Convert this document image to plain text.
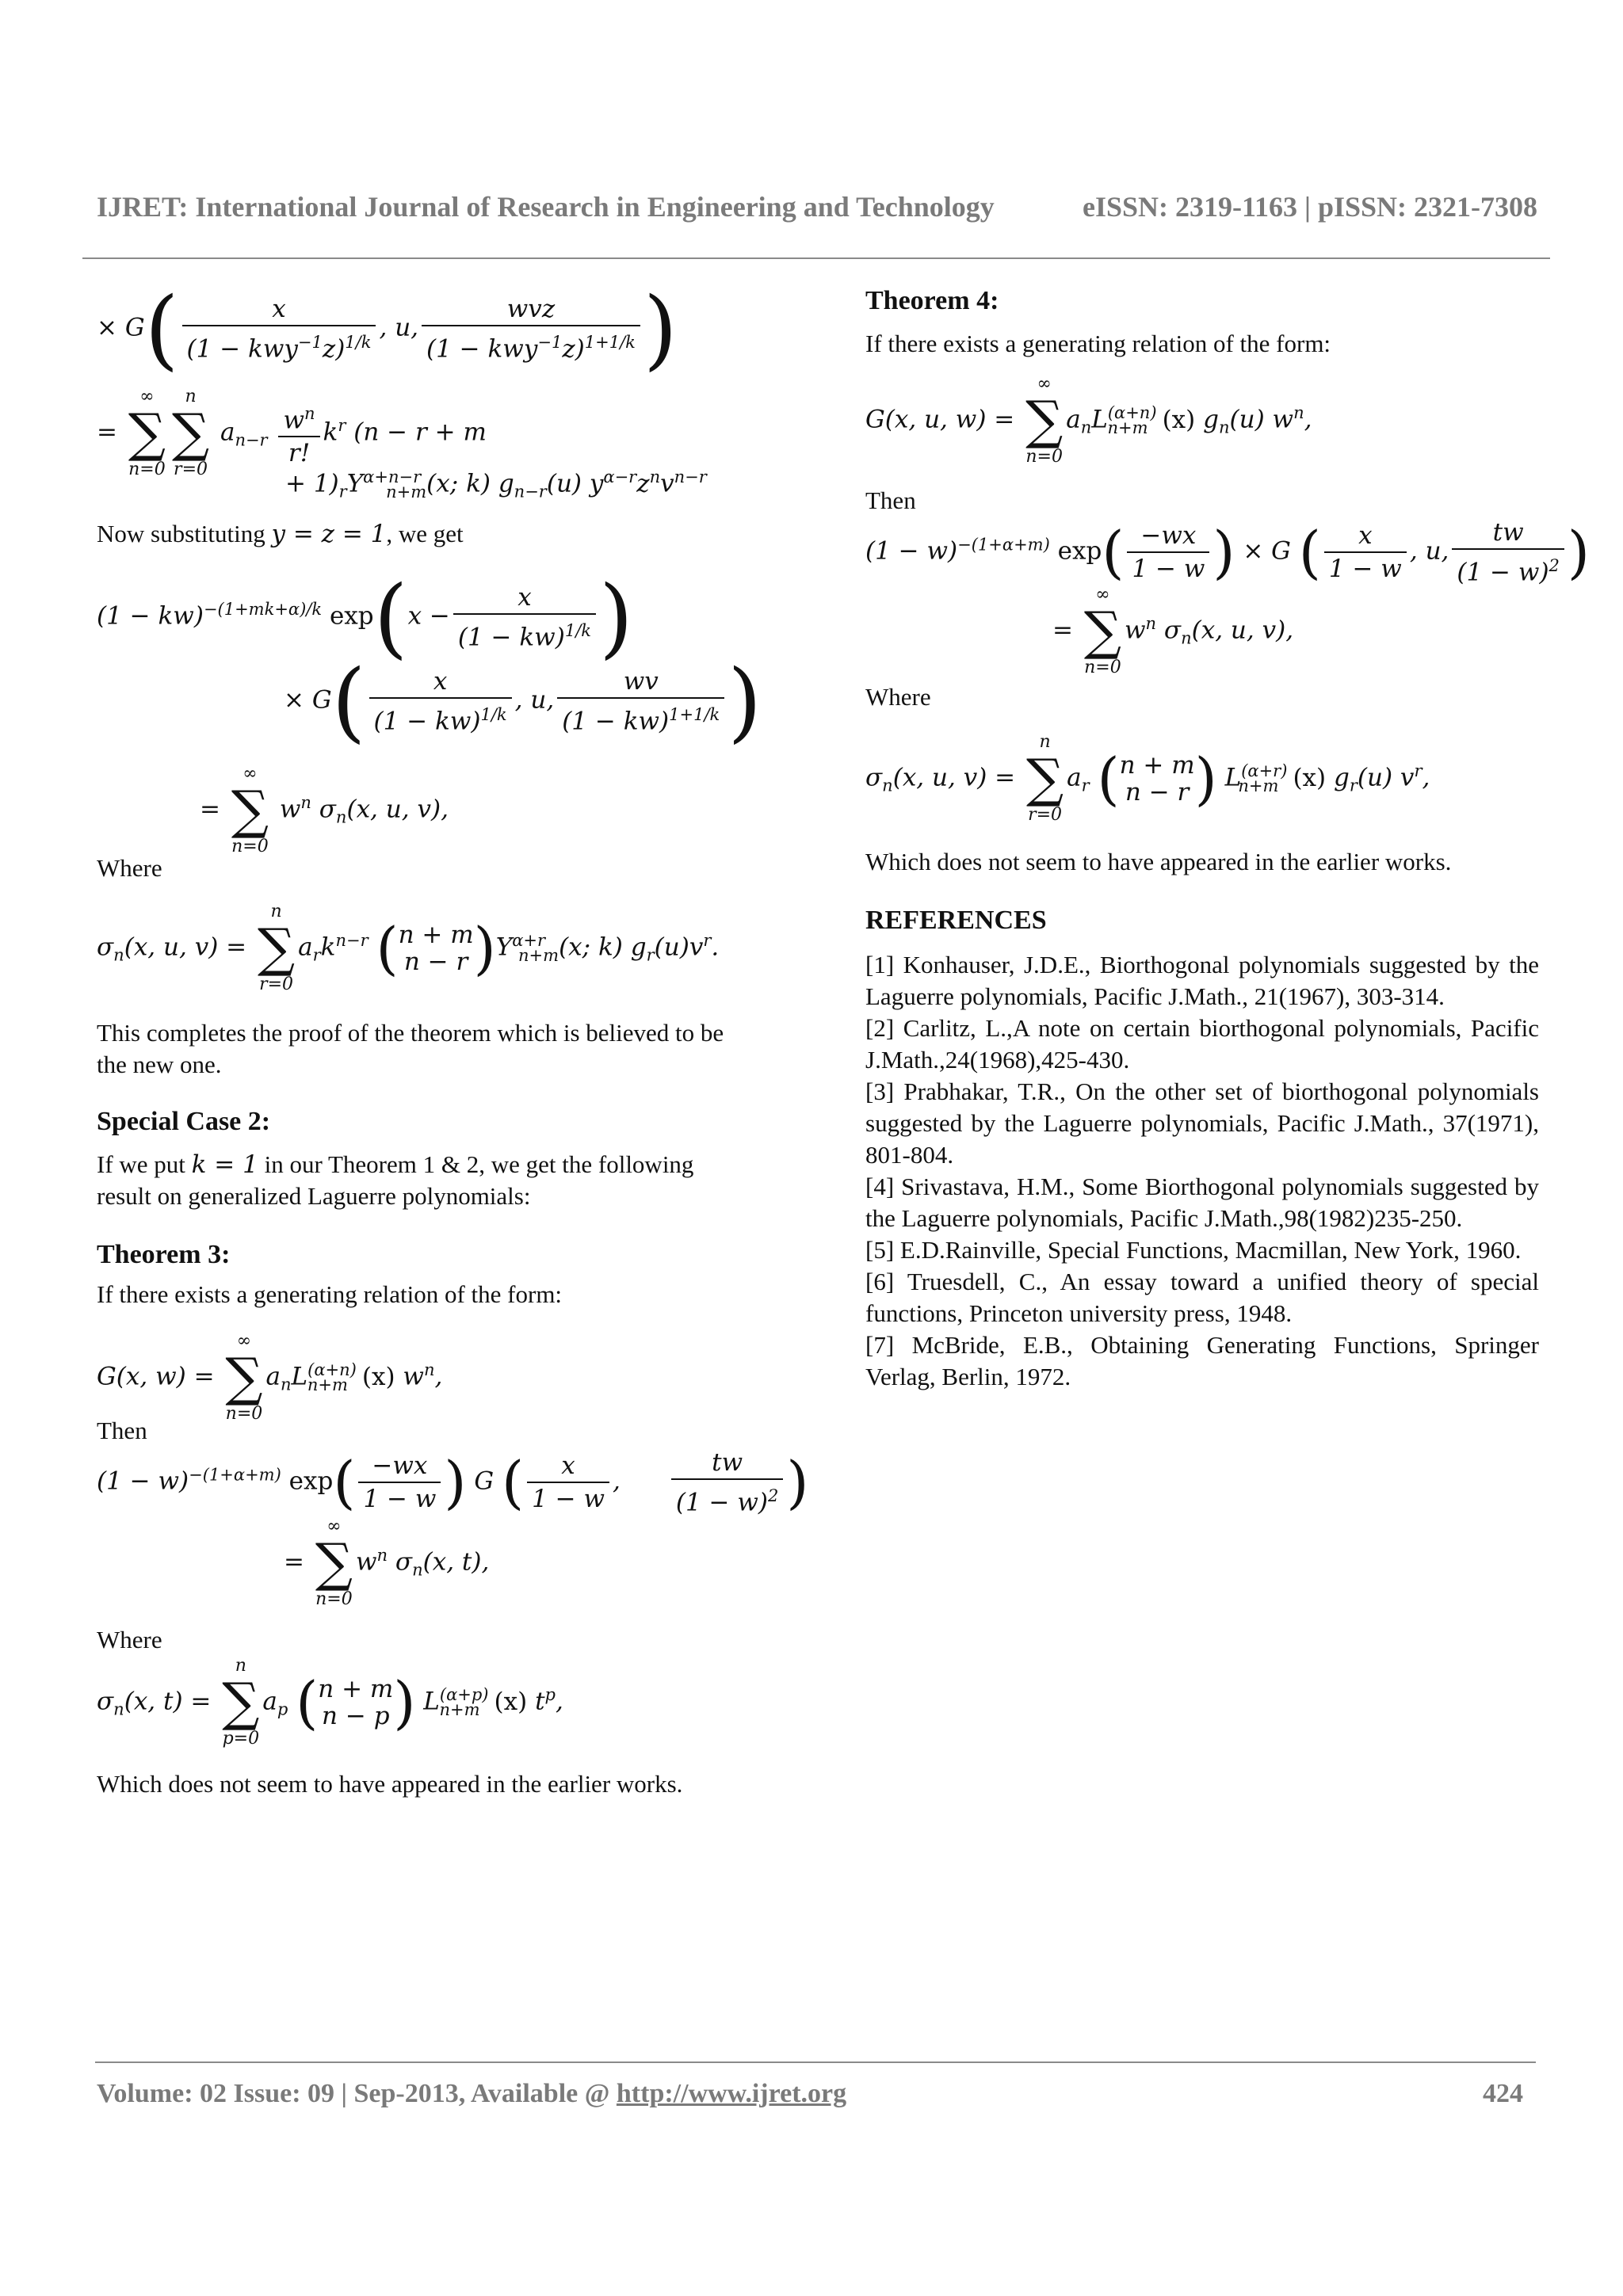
IJRET: International Journal of Research in Engineering and Technology	eISSN: 2319-1163 | pISSN: 2321-7308
× $G( \frac{x}{(1 - kwy^{-1}z)^{1/k}}$ , u, $\frac{\text{wvz}}{(1 - kwy^{-1}z)^{1+1/k}}$ )
=
∞
∑
n=0
n
∑
r=0
$a_{n-r} \frac{w^n}{r!} k^r$ (n − r + m
+ $1)_rY^{\alpha+n-r}_{n+m}(x$; k) $g_{n-r}(u)$ $y^{\alpha-r}z^nv^{n-r}$

Now substituting y = z = 1, we get

(1 − kw)$^{-(1+mk+\alpha)/k}$ $\exp(x - \frac{x}{(1 - kw)^{1/k}}$ )
× $G( \frac{x}{(1 - kw)^{1/k}}$ , u, $\frac{wv}{(1 - kw)^{1+1/k}}$ )
=
∞
∑
n=0
$w^n$ $\sigma_n(x$, u, v),

Where

$\sigma_n(x$, u, v) =
n
∑
r=0
$a_rk^{n-r}$ (n + m
n − r )$Y^{\alpha+r}_{n+m}(x$; k) $g_r(u)v^r$.

This completes the proof of the theorem which is believed to be the new one.

Special Case 2:

If we put k = 1 in our Theorem 1 & 2, we get the following result on generalized Laguerre polynomials:

Theorem 3:

If there exists a generating relation of the form:

G(x, w) =
∞
∑
n=0
$a_nL^{(\alpha+n)}_{n+m}$ (x) $w^n$,

Then

$(1 - w)^{-(1+\alpha+m)}$ $\exp( \frac{-wx}{1 - w}$ ) G ( $\frac{x}{1 - w}$ , $\frac{tw}{(1 - w)^2}$ )
=
∞
∑
n=0
$w^n$ $\sigma_n(x$, t),

Where

$\sigma_n(x$, t) =
n
∑
p=0
$a_p$ (n + m
n − p) $L^{(\alpha+p)}_{n+m}$ (x) $t^p$,

Which does not seem to have appeared in the earlier works.

Theorem 4:

If there exists a generating relation of the form:

G(x, u, w) =
∞
∑
n=0
$a_nL^{(\alpha+n)}_{n+m}$ (x) $g_n(u)$ $w^n$,

Then

$(1 - w)^{-(1+\alpha+m)}$ $\exp( \frac{-wx}{1 - w}$ ) × G ( $\frac{x}{1 - w}$ , u, $\frac{tw}{(1 - w)^2}$ )
=
∞
∑
n=0
$w^n$ $\sigma_n(x$, u, v),

Where

$\sigma_n(x$, u, v) =
n
∑
r=0
$a_r$ (n + m
n − r ) $L^{(\alpha+r)}_{n+m}$ (x) $g_r(u)$ $v^r$,

Which does not seem to have appeared in the earlier works.

REFERENCES

[1] Konhauser, J.D.E., Biorthogonal polynomials suggested by the Laguerre polynomials, Pacific J.Math., 21(1967), 303-314.

[2] Carlitz, L.,A note on certain biorthogonal polynomials, Pacific J.Math.,24(1968),425-430.

[3] Prabhakar, T.R., On the other set of biorthogonal polynomials suggested by the Laguerre polynomials, Pacific J.Math., 37(1971), 801-804.

[4] Srivastava, H.M., Some Biorthogonal polynomials suggested by the Laguerre polynomials, Pacific J.Math.,98(1982)235-250.

[5] E.D.Rainville, Special Functions, Macmillan, New York, 1960.

[6] Truesdell, C., An essay toward a unified theory of special functions, Princeton university press, 1948.

[7] McBride, E.B., Obtaining Generating Functions, Springer Verlag, Berlin, 1972.

Volume: 02 Issue: 09 | Sep-2013, Available @ http://www.ijret.org	424
